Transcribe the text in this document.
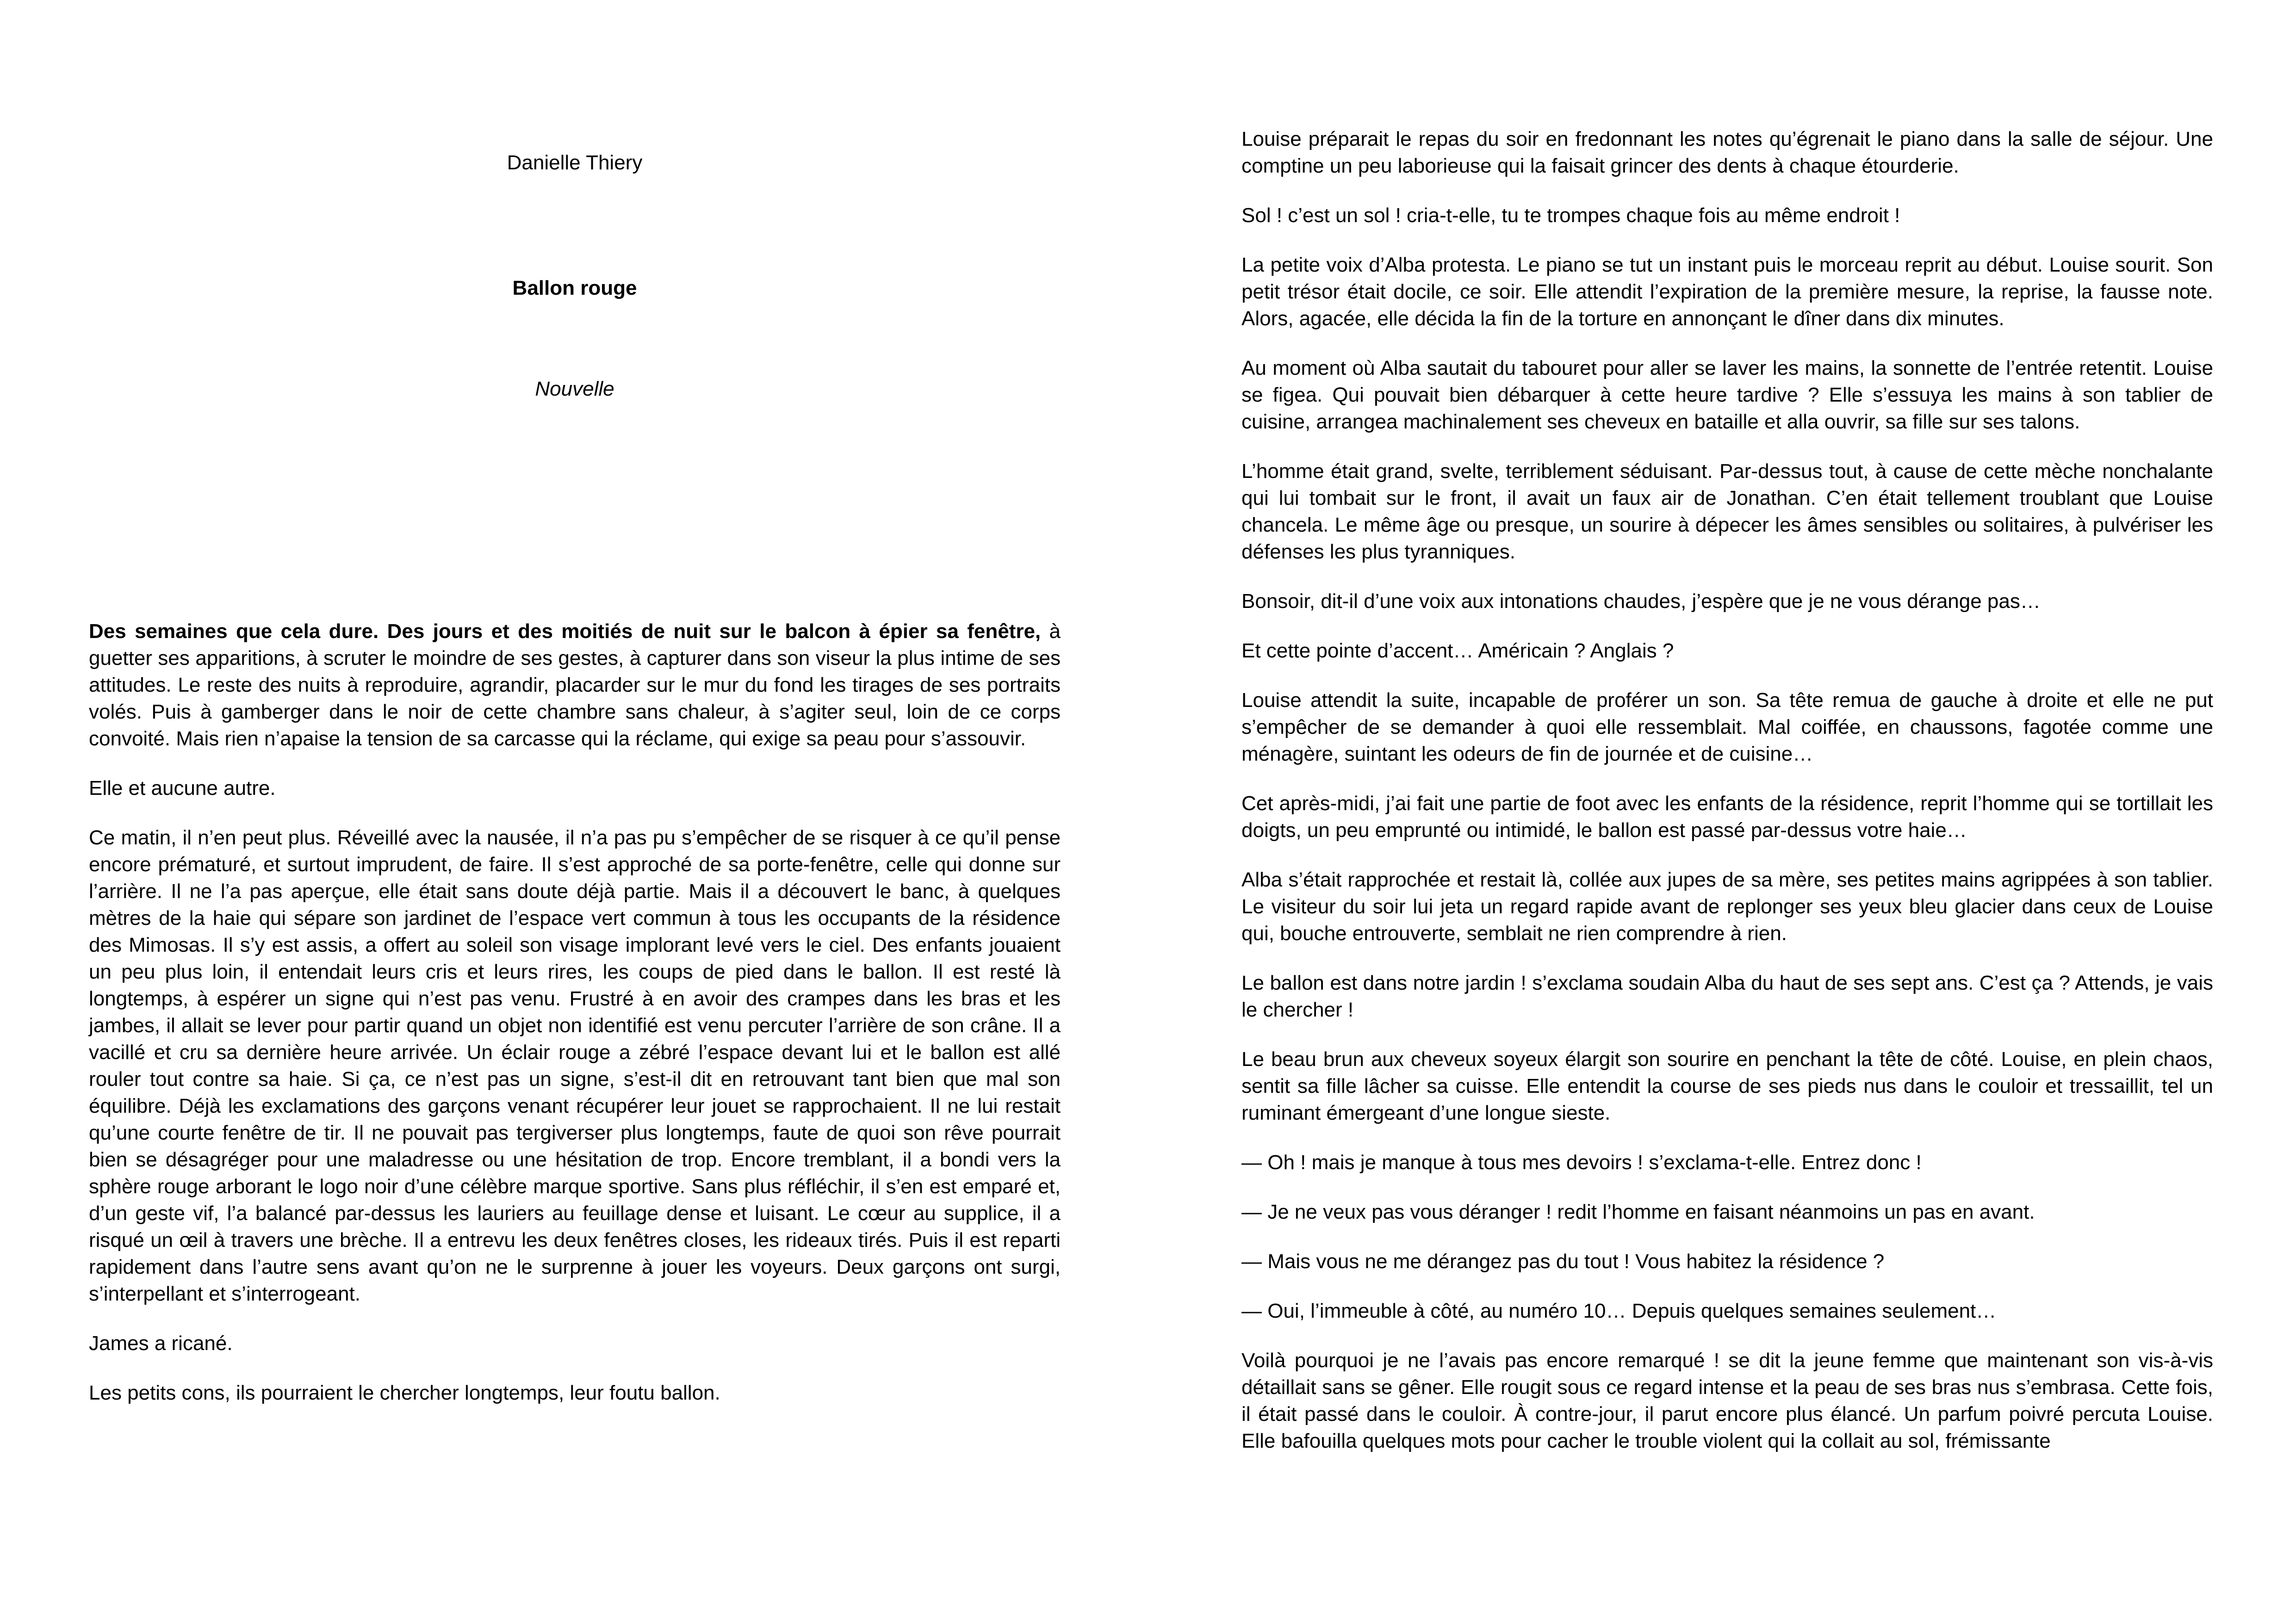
Danielle Thiery
Ballon rouge
Nouvelle

Des semaines que cela dure. Des jours et des moitiés de nuit sur le balcon à épier sa fenêtre, à guetter ses apparitions, à scruter le moindre de ses gestes, à capturer dans son viseur la plus intime de ses attitudes. Le reste des nuits à reproduire, agrandir, placarder sur le mur du fond les tirages de ses portraits volés. Puis à gamberger dans le noir de cette chambre sans chaleur, à s’agiter seul, loin de ce corps convoité. Mais rien n’apaise la tension de sa carcasse qui la réclame, qui exige sa peau pour s’assouvir.

Elle et aucune autre.

Ce matin, il n’en peut plus. Réveillé avec la nausée, il n’a pas pu s’empêcher de se risquer à ce qu’il pense encore prématuré, et surtout imprudent, de faire. Il s’est approché de sa porte-fenêtre, celle qui donne sur l’arrière. Il ne l’a pas aperçue, elle était sans doute déjà partie. Mais il a découvert le banc, à quelques mètres de la haie qui sépare son jardinet de l’espace vert commun à tous les occupants de la résidence des Mimosas. Il s’y est assis, a offert au soleil son visage implorant levé vers le ciel. Des enfants jouaient un peu plus loin, il entendait leurs cris et leurs rires, les coups de pied dans le ballon. Il est resté là longtemps, à espérer un signe qui n’est pas venu. Frustré à en avoir des crampes dans les bras et les jambes, il allait se lever pour partir quand un objet non identifié est venu percuter l’arrière de son crâne. Il a vacillé et cru sa dernière heure arrivée. Un éclair rouge a zébré l’espace devant lui et le ballon est allé rouler tout contre sa haie. Si ça, ce n’est pas un signe, s’est-il dit en retrouvant tant bien que mal son équilibre. Déjà les exclamations des garçons venant récupérer leur jouet se rapprochaient. Il ne lui restait qu’une courte fenêtre de tir. Il ne pouvait pas tergiverser plus longtemps, faute de quoi son rêve pourrait bien se désagréger pour une maladresse ou une hésitation de trop. Encore tremblant, il a bondi vers la sphère rouge arborant le logo noir d’une célèbre marque sportive. Sans plus réfléchir, il s’en est emparé et, d’un geste vif, l’a balancé par-dessus les lauriers au feuillage dense et luisant. Le cœur au supplice, il a risqué un œil à travers une brèche. Il a entrevu les deux fenêtres closes, les rideaux tirés. Puis il est reparti rapidement dans l’autre sens avant qu’on ne le surprenne à jouer les voyeurs. Deux garçons ont surgi, s’interpellant et s’interrogeant.

James a ricané.

Les petits cons, ils pourraient le chercher longtemps, leur foutu ballon.

Louise préparait le repas du soir en fredonnant les notes qu’égrenait le piano dans la salle de séjour. Une comptine un peu laborieuse qui la faisait grincer des dents à chaque étourderie.

Sol ! c’est un sol ! cria-t-elle, tu te trompes chaque fois au même endroit !

La petite voix d’Alba protesta. Le piano se tut un instant puis le morceau reprit au début. Louise sourit. Son petit trésor était docile, ce soir. Elle attendit l’expiration de la première mesure, la reprise, la fausse note. Alors, agacée, elle décida la fin de la torture en annonçant le dîner dans dix minutes.

Au moment où Alba sautait du tabouret pour aller se laver les mains, la sonnette de l’entrée retentit. Louise se figea. Qui pouvait bien débarquer à cette heure tardive ? Elle s’essuya les mains à son tablier de cuisine, arrangea machinalement ses cheveux en bataille et alla ouvrir, sa fille sur ses talons.

L’homme était grand, svelte, terriblement séduisant. Par-dessus tout, à cause de cette mèche nonchalante qui lui tombait sur le front, il avait un faux air de Jonathan. C’en était tellement troublant que Louise chancela. Le même âge ou presque, un sourire à dépecer les âmes sensibles ou solitaires, à pulvériser les défenses les plus tyranniques.

Bonsoir, dit-il d’une voix aux intonations chaudes, j’espère que je ne vous dérange pas…

Et cette pointe d’accent… Américain ? Anglais ?

Louise attendit la suite, incapable de proférer un son. Sa tête remua de gauche à droite et elle ne put s’empêcher de se demander à quoi elle ressemblait. Mal coiffée, en chaussons, fagotée comme une ménagère, suintant les odeurs de fin de journée et de cuisine…

Cet après-midi, j’ai fait une partie de foot avec les enfants de la résidence, reprit l’homme qui se tortillait les doigts, un peu emprunté ou intimidé, le ballon est passé par-dessus votre haie…

Alba s’était rapprochée et restait là, collée aux jupes de sa mère, ses petites mains agrippées à son tablier. Le visiteur du soir lui jeta un regard rapide avant de replonger ses yeux bleu glacier dans ceux de Louise qui, bouche entrouverte, semblait ne rien comprendre à rien.

Le ballon est dans notre jardin ! s’exclama soudain Alba du haut de ses sept ans. C’est ça ? Attends, je vais le chercher !

Le beau brun aux cheveux soyeux élargit son sourire en penchant la tête de côté. Louise, en plein chaos, sentit sa fille lâcher sa cuisse. Elle entendit la course de ses pieds nus dans le couloir et tressaillit, tel un ruminant émergeant d’une longue sieste.

— Oh ! mais je manque à tous mes devoirs ! s’exclama-t-elle. Entrez donc !

— Je ne veux pas vous déranger ! redit l’homme en faisant néanmoins un pas en avant.

— Mais vous ne me dérangez pas du tout ! Vous habitez la résidence ?

— Oui, l’immeuble à côté, au numéro 10… Depuis quelques semaines seulement…

Voilà pourquoi je ne l’avais pas encore remarqué ! se dit la jeune femme que maintenant son vis-à-vis détaillait sans se gêner. Elle rougit sous ce regard intense et la peau de ses bras nus s’embrasa. Cette fois, il était passé dans le couloir. À contre-jour, il parut encore plus élancé. Un parfum poivré percuta Louise. Elle bafouilla quelques mots pour cacher le trouble violent qui la collait au sol, frémissante
